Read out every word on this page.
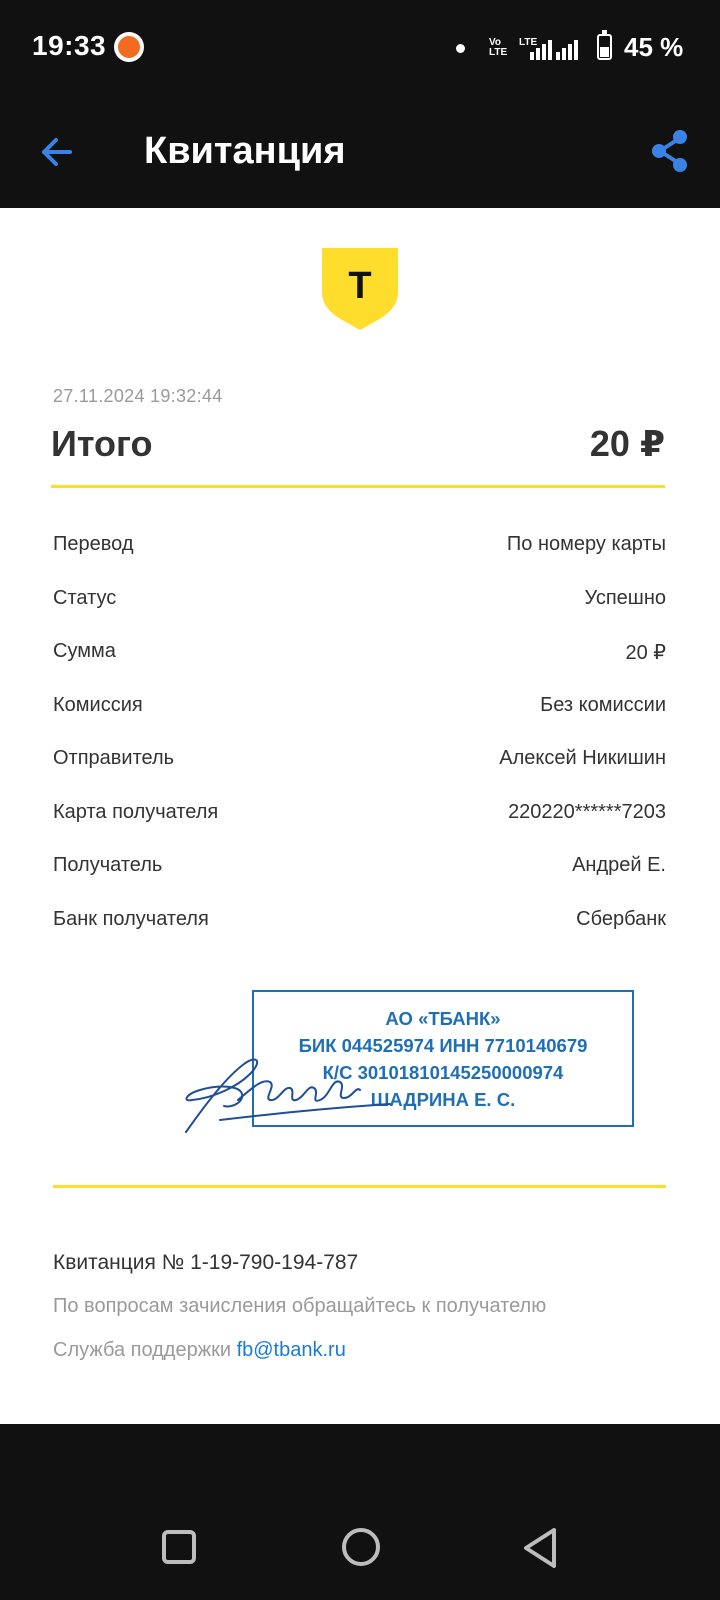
19:33	Vo
LTE
LTE	45 %
Квитанция
Т
27.11.2024 19:32:44
Итого	20 ₽
Перевод	По номеру карты
Статус	Успешно
Сумма	20 ₽
Комиссия	Без комиссии
Отправитель	Алексей Никишин
Карта получателя	220220******7203
Получатель	Андрей Е.
Банк получателя	Сбербанк
АО «ТБАНК»
БИК 044525974 ИНН 7710140679
К/С 30101810145250000974
ШАДРИНА Е. С.
Квитанция № 1-19-790-194-787
По вопросам зачисления обращайтесь к получателю
Служба поддержки fb@tbank.ru
